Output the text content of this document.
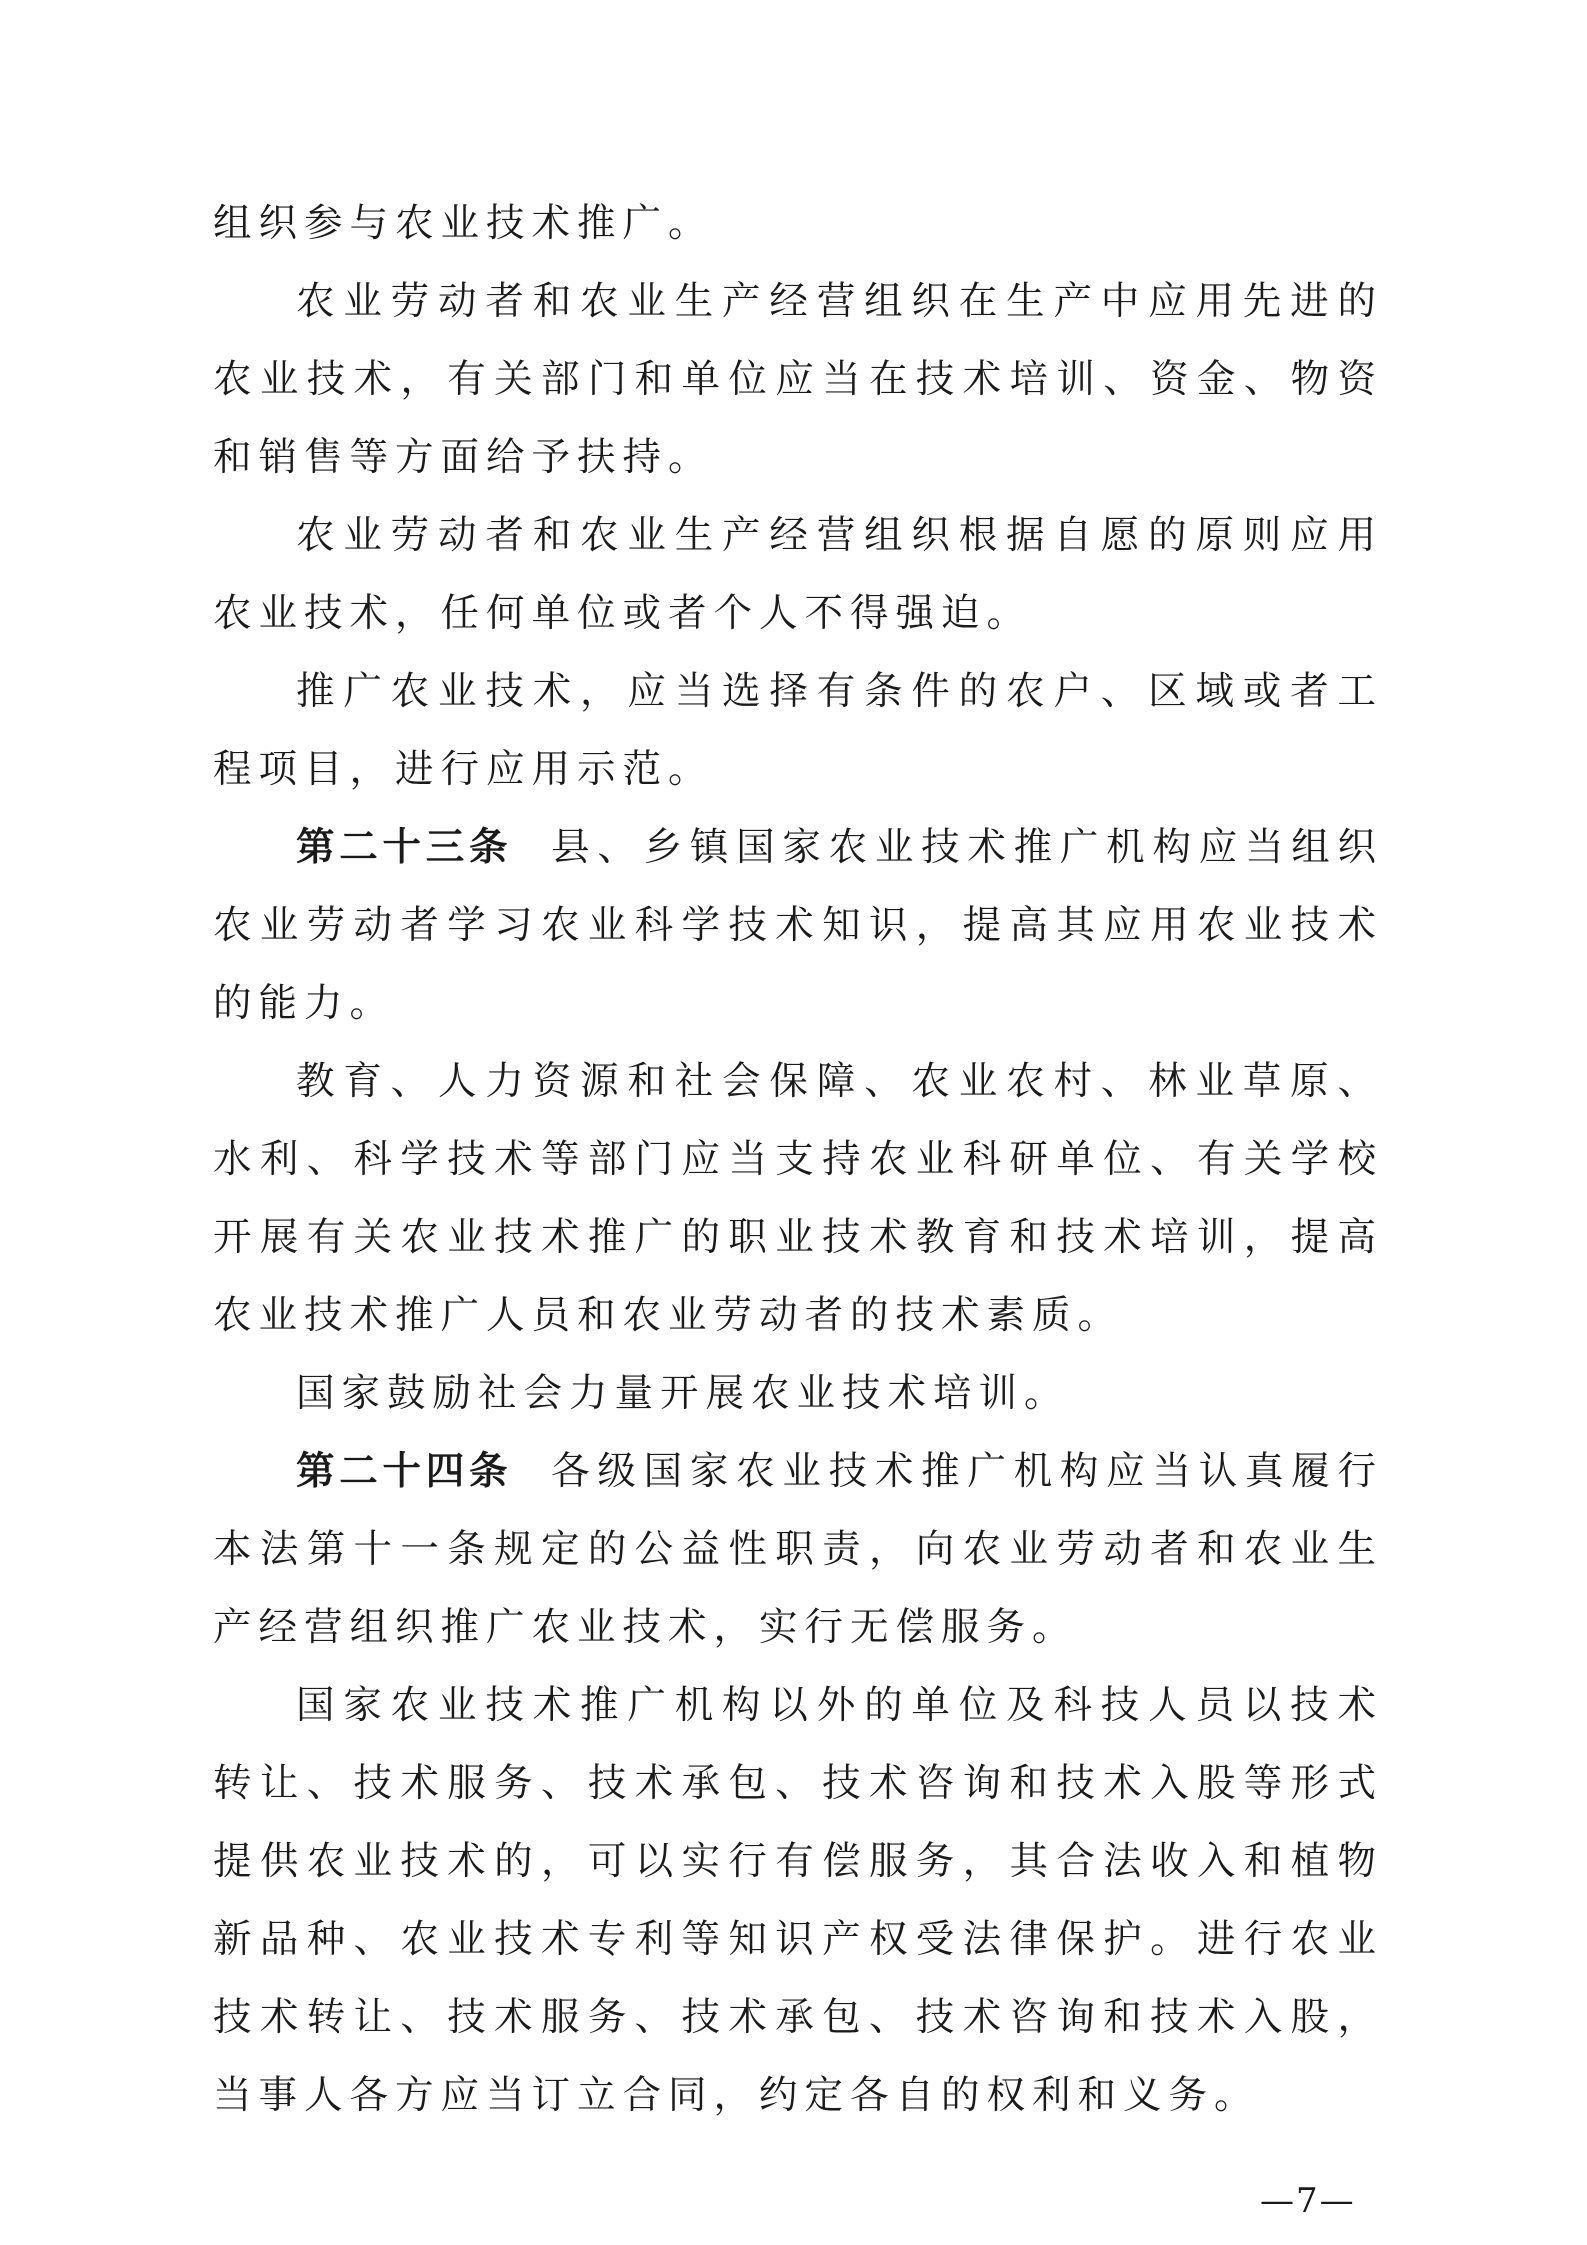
组织参与农业技术推广。

农业劳动者和农业生产经营组织在生产中应用先进的农业技术，有关部门和单位应当在技术培训、资金、物资和销售等方面给予扶持。

农业劳动者和农业生产经营组织根据自愿的原则应用农业技术，任何单位或者个人不得强迫。

推广农业技术，应当选择有条件的农户、区域或者工程项目，进行应用示范。

第二十三条 县、乡镇国家农业技术推广机构应当组织农业劳动者学习农业科学技术知识，提高其应用农业技术的能力。

教育、人力资源和社会保障、农业农村、林业草原、水利、科学技术等部门应当支持农业科研单位、有关学校开展有关农业技术推广的职业技术教育和技术培训，提高农业技术推广人员和农业劳动者的技术素质。

国家鼓励社会力量开展农业技术培训。

第二十四条 各级国家农业技术推广机构应当认真履行本法第十一条规定的公益性职责，向农业劳动者和农业生产经营组织推广农业技术，实行无偿服务。

国家农业技术推广机构以外的单位及科技人员以技术转让、技术服务、技术承包、技术咨询和技术入股等形式提供农业技术的，可以实行有偿服务，其合法收入和植物新品种、农业技术专利等知识产权受法律保护。进行农业技术转让、技术服务、技术承包、技术咨询和技术入股，当事人各方应当订立合同，约定各自的权利和义务。

—7—
